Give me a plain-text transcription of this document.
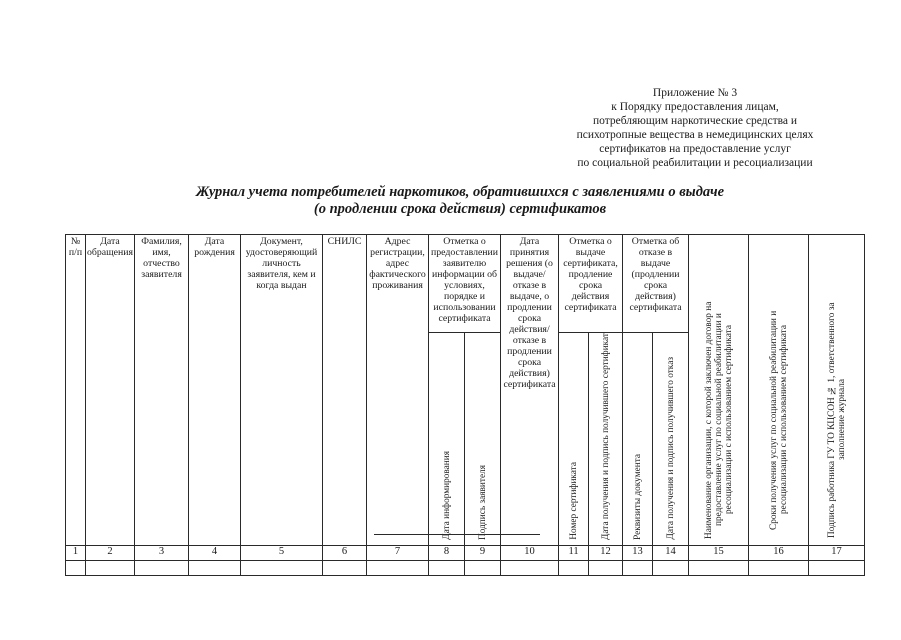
Приложение № 3
к Порядку предоставления лицам,
потребляющим наркотические средства и
психотропные вещества в немедицинских целях
сертификатов на предоставление услуг
по социальной реабилитации и ресоциализации
Журнал учета потребителей наркотиков, обратившихся с заявлениями о выдаче
(о продлении срока действия) сертификатов
№ п/п	Дата обращения	Фамилия, имя, отчество заявителя	Дата рождения	Документ, удостоверяющий личность заявителя, кем и когда выдан	СНИЛС	Адрес регистрации, адрес фактического проживания	Отметка о предоставлении заявителю информации об условиях, порядке и использовании сертификата		Дата принятия решения (о выдаче/ отказе в выдаче, о продлении срока действия/ отказе в продлении срока действия) сертификата	Отметка о выдаче сертификата, продление срока действия сертификата		Отметка об отказе в выдаче (продлении срока действия) сертификата		Наименование организации, с которой заключен договор на предоставление услуг по социальной реабилитации и ресоциализации с использованием сертификата	Сроки получения услуг по социальной реабилитации и ресоциализации с использованием сертификата	Подпись работника ГУ ТО КЦСОН № 1, ответственного за заполнение журнала
							Дата информирования	Подпись заявителя		Номер сертификата	Дата получения и подпись получившего сертификат	Реквизиты документа	Дата получения и подпись получившего отказ			
1	2	3	4	5	6	7	8	9	10	11	12	13	14	15	16	17
